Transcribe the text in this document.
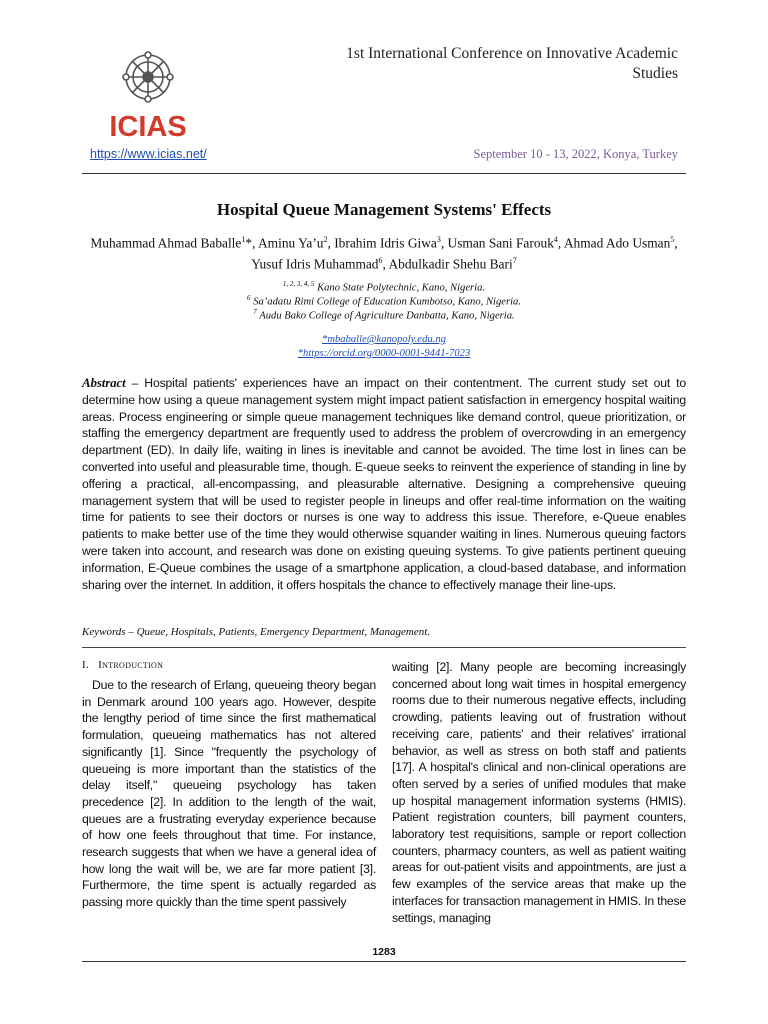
ICIAS
1st International Conference on Innovative Academic Studies
https://www.icias.net/	September 10 - 13, 2022, Konya, Turkey
Hospital Queue Management Systems' Effects
Muhammad Ahmad Baballe$^1$*, Aminu $Ya’u^2$, Ibrahim Idris Giwa$^3$, Usman Sani Farouk$^4$, Ahmad Ado Usman$^5$, Yusuf Idris Muhammad$^6$, Abdulkadir Shehu Bari$^7$
$^{1, 2, 3, 4, 5}$ Kano State Polytechnic, Kano, Nigeria.
$^6$ Sa’adatu Rimi College of Education Kumbotso, Kano, Nigeria.
$^7$ Audu Bako College of Agriculture Danbatta, Kano, Nigeria.
*mbaballe@kanopoly.edu.ng
*https://orcid.org/0000-0001-9441-7023
Abstract – Hospital patients' experiences have an impact on their contentment. The current study set out to determine how using a queue management system might impact patient satisfaction in emergency hospital waiting areas. Process engineering or simple queue management techniques like demand control, queue prioritization, or staffing the emergency department are frequently used to address the problem of overcrowding in an emergency department (ED). In daily life, waiting in lines is inevitable and cannot be avoided. The time lost in lines can be converted into useful and pleasurable time, though. E-queue seeks to reinvent the experience of standing in line by offering a practical, all-encompassing, and pleasurable alternative. Designing a comprehensive queuing management system that will be used to register people in lineups and offer real-time information on the waiting time for patients to see their doctors or nurses is one way to address this issue. Therefore, e-Queue enables patients to make better use of the time they would otherwise squander waiting in lines. Numerous queuing factors were taken into account, and research was done on existing queuing systems. To give patients pertinent queuing information, E-Queue combines the usage of a smartphone application, a cloud-based database, and information sharing over the internet. In addition, it offers hospitals the chance to effectively manage their line-ups.
Keywords – Queue, Hospitals, Patients, Emergency Department, Management.
I. Introduction

Due to the research of Erlang, queueing theory began in Denmark around 100 years ago. However, despite the lengthy period of time since the first mathematical formulation, queueing mathematics has not altered significantly [1]. Since "frequently the psychology of queueing is more important than the statistics of the delay itself," queueing psychology has taken precedence [2]. In addition to the length of the wait, queues are a frustrating everyday experience because of how one feels throughout that time. For instance, research suggests that when we have a general idea of how long the wait will be, we are far more patient [3]. Furthermore, the time spent is actually regarded as passing more quickly than the time spent passively

waiting [2]. Many people are becoming increasingly concerned about long wait times in hospital emergency rooms due to their numerous negative effects, including crowding, patients leaving out of frustration without receiving care, patients' and their relatives' irrational behavior, as well as stress on both staff and patients [17]. A hospital's clinical and non-clinical operations are often served by a series of unified modules that make up hospital management information systems (HMIS). Patient registration counters, bill payment counters, laboratory test requisitions, sample or report collection counters, pharmacy counters, as well as patient waiting areas for out-patient visits and appointments, are just a few examples of the service areas that make up the interfaces for transaction management in HMIS. In these settings, managing

1283
